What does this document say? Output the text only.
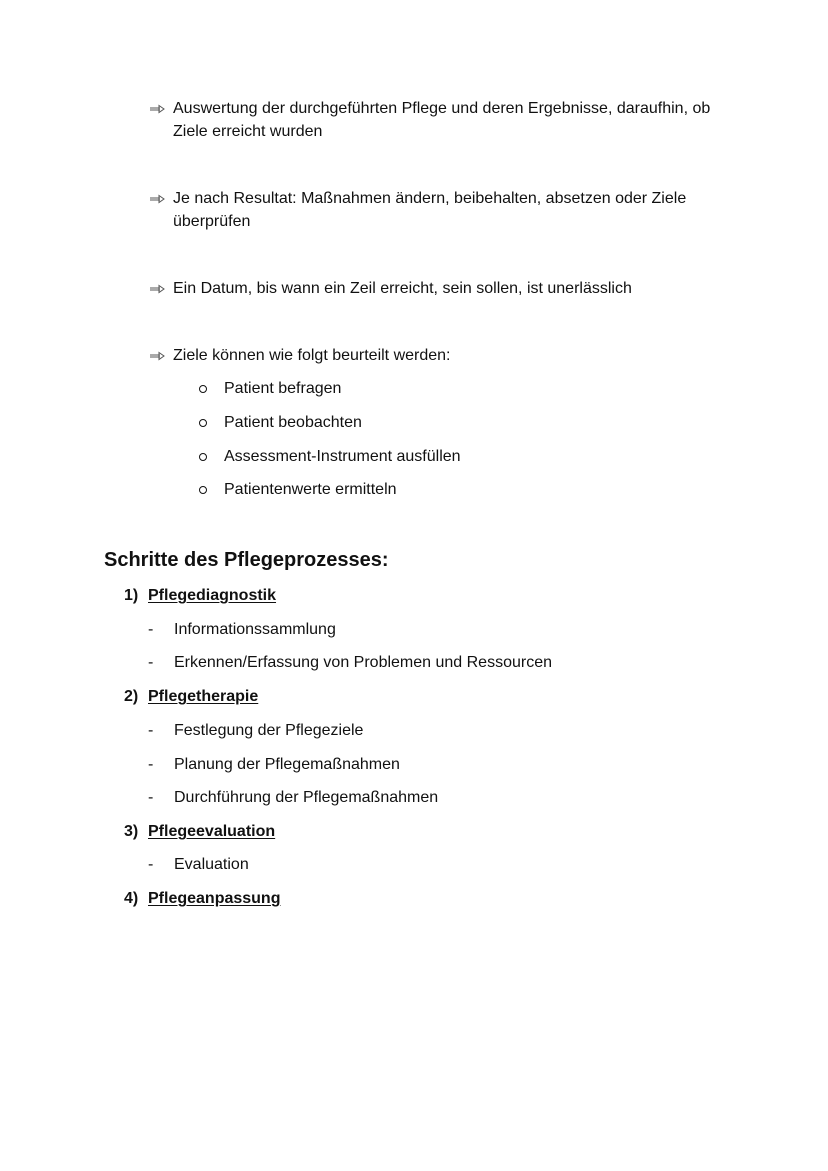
Auswertung der durchgeführten Pflege und deren Ergebnisse, daraufhin, ob Ziele erreicht wurden
Je nach Resultat: Maßnahmen ändern, beibehalten, absetzen oder Ziele überprüfen
Ein Datum, bis wann ein Zeil erreicht, sein sollen, ist unerlässlich
Ziele können wie folgt beurteilt werden:
Patient befragen
Patient beobachten
Assessment-Instrument ausfüllen
Patientenwerte ermitteln
Schritte des Pflegeprozesses:
1) Pflegediagnostik
- Informationssammlung
- Erkennen/Erfassung von Problemen und Ressourcen
2) Pflegetherapie
- Festlegung der Pflegeziele
- Planung der Pflegemaßnahmen
- Durchführung der Pflegemaßnahmen
3) Pflegeevaluation
- Evaluation
4) Pflegeanpassung
